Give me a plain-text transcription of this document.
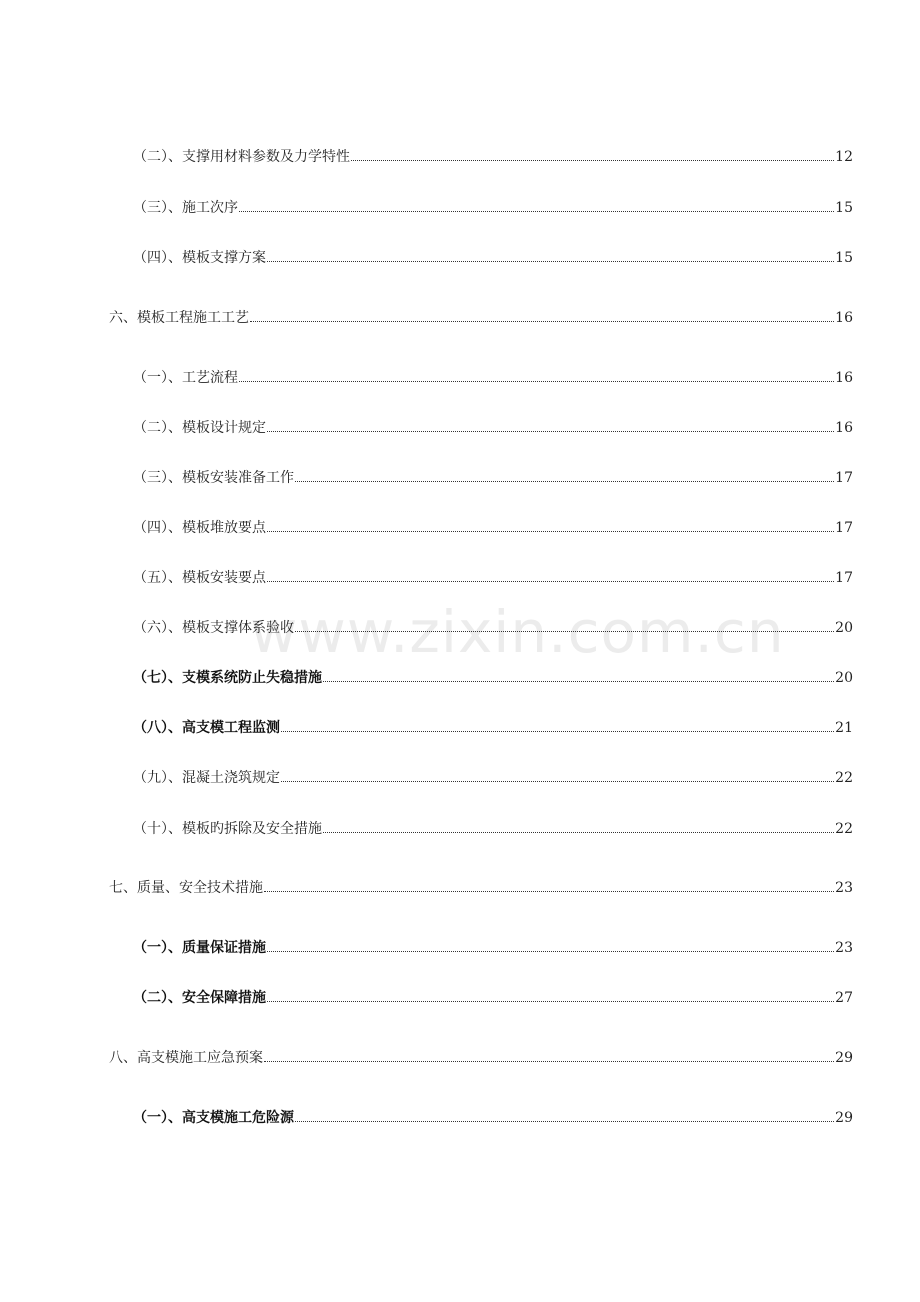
www.zixin.com.cn
（二）、支撑用材料参数及力学特性	12
（三）、施工次序	15
（四）、模板支撑方案	15
六、模板工程施工工艺	16
（一）、工艺流程	16
（二）、模板设计规定	16
（三）、模板安装准备工作	17
（四）、模板堆放要点	17
（五）、模板安装要点	17
（六）、模板支撑体系验收	20
（七）、支模系统防止失稳措施	20
（八）、高支模工程监测	21
（九）、混凝土浇筑规定	22
（十）、模板旳拆除及安全措施	22
七、质量、安全技术措施	23
（一）、质量保证措施	23
（二）、安全保障措施	27
八、高支模施工应急预案	29
（一）、高支模施工危险源	29
